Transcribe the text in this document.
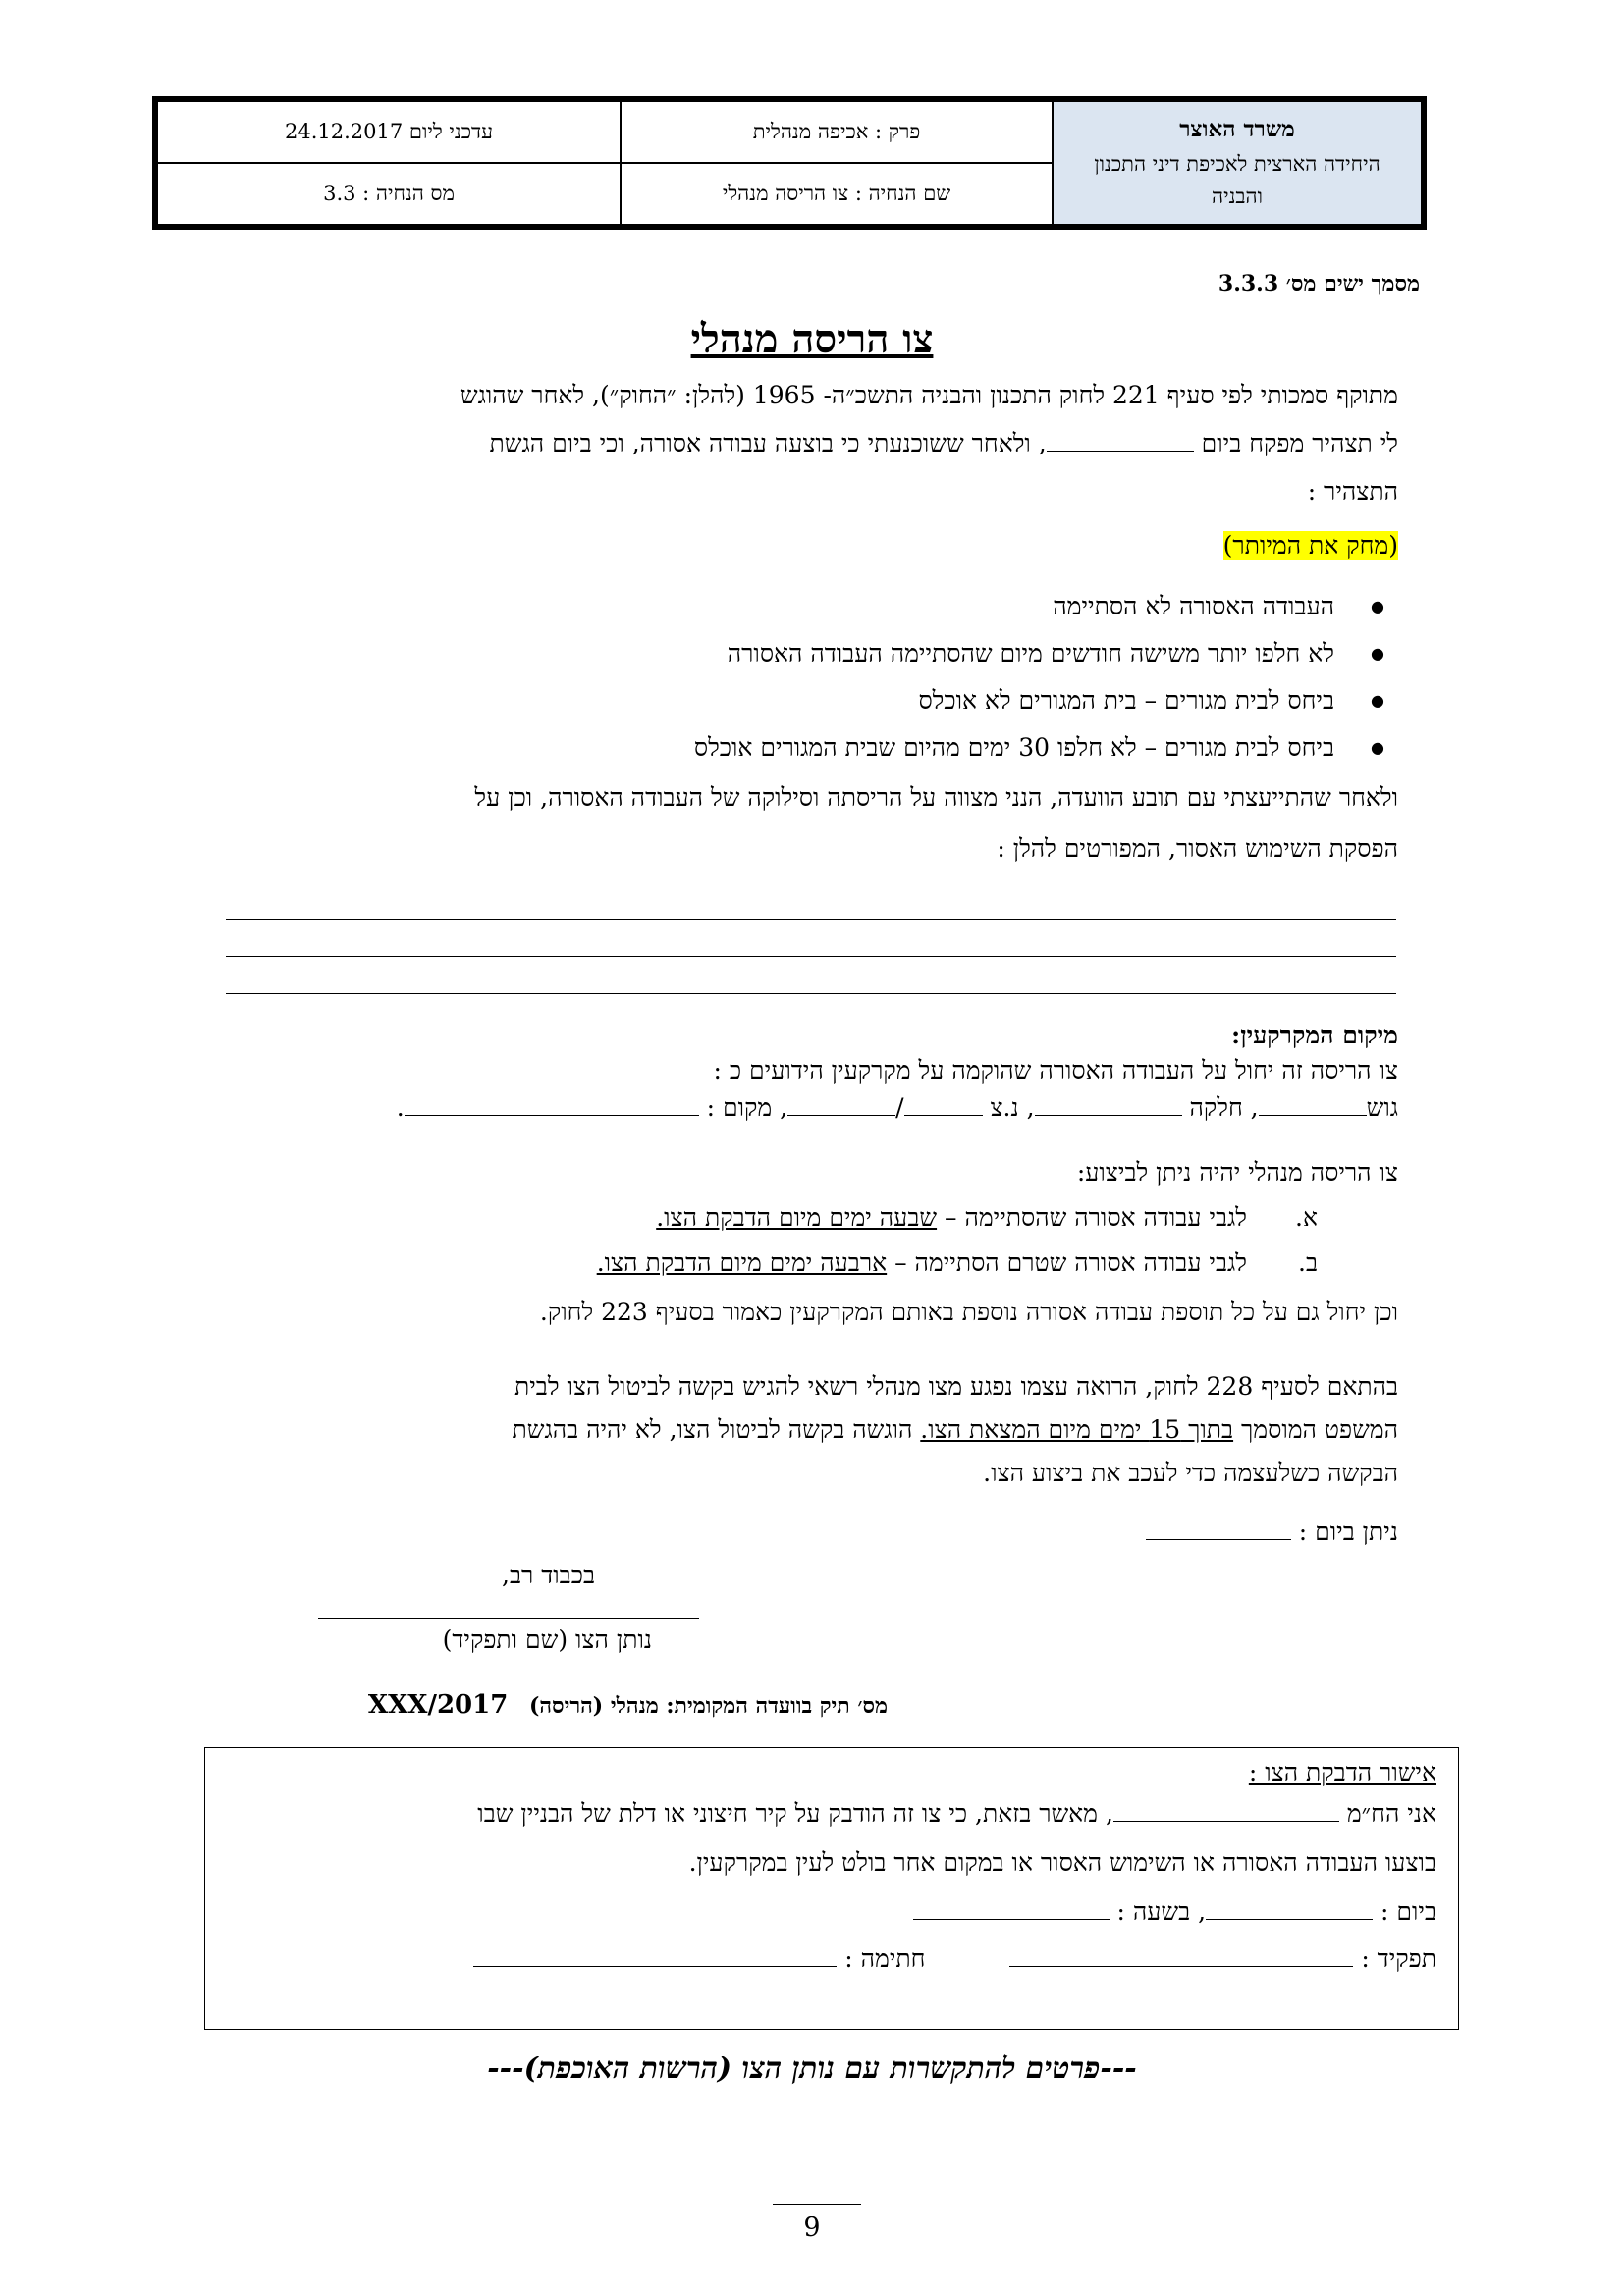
עדכני ליום 24.12.2017	פרק : אכיפה מנהלית	משרד האוצר
היחידה הארצית לאכיפת דיני התכנון והבניה
מס הנחיה : 3.3	שם הנחיה : צו הריסה מנהלי
מסמך ישים מס׳ 3.3.3
צו הריסה מנהלי
מתוקף סמכותי לפי סעיף 221 לחוק התכנון והבניה התשכ״ה- 1965 (להלן: ״החוק״), לאחר שהוגש
לי תצהיר מפקח ביום , ולאחר ששוכנעתי כי בוצעה עבודה אסורה, וכי ביום הגשת
התצהיר :
(מחק את המיותר)
● העבודה האסורה לא הסתיימה
● לא חלפו יותר משישה חודשים מיום שהסתיימה העבודה האסורה
● ביחס לבית מגורים – בית המגורים לא אוכלס
● ביחס לבית מגורים – לא חלפו 30 ימים מהיום שבית המגורים אוכלס
ולאחר שהתייעצתי עם תובע הוועדה, הנני מצווה על הריסתה וסילוקה של העבודה האסורה, וכן על
הפסקת השימוש האסור, המפורטים להלן :
מיקום המקרקעין:
צו הריסה זה יחול על העבודה האסורה שהוקמה על מקרקעין הידועים כ :
גוש, חלקה , נ.צ /, מקום : .
צו הריסה מנהלי יהיה ניתן לביצוע:
א.לגבי עבודה אסורה שהסתיימה – שבעה ימים מיום הדבקת הצו.
ב.לגבי עבודה אסורה שטרם הסתיימה – ארבעה ימים מיום הדבקת הצו.
וכן יחול גם על כל תוספת עבודה אסורה נוספת באותם המקרקעין כאמור בסעיף 223 לחוק.
בהתאם לסעיף 228 לחוק, הרואה עצמו נפגע מצו מנהלי רשאי להגיש בקשה לביטול הצו לבית
המשפט המוסמך בתוך 15 ימים מיום המצאת הצו. הוגשה בקשה לביטול הצו, לא יהיה בהגשת
הבקשה כשלעצמה כדי לעכב את ביצוע הצו.
ניתן ביום :
בכבוד רב,
נותן הצו (שם ותפקיד)
מס׳ תיק בוועדה המקומית: מנהלי (הריסה) 2017/XXX
אישור הדבקת הצו :
אני הח״מ , מאשר בזאת, כי צו זה הודבק על קיר חיצוני או דלת של הבניין שבו
בוצעו העבודה האסורה או השימוש האסור או במקום אחר בולט לעין במקרקעין.
ביום : , בשעה :
תפקיד :   חתימה :
---פרטים להתקשרות עם נותן הצו (הרשות האוכפת)---
9
